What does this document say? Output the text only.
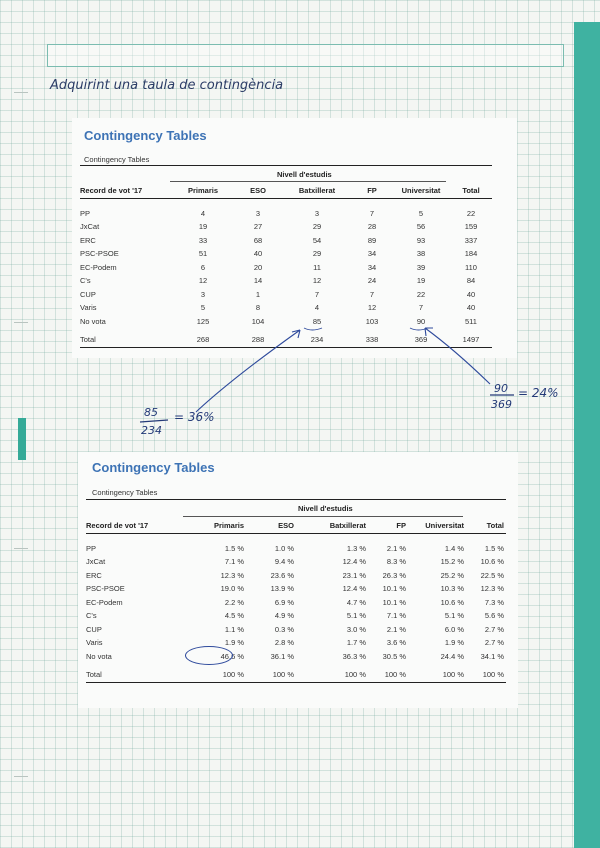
Adquirint una taula de contingència
Contingency Tables
Contingency Tables
Nivell d'estudis
Record de vot '17	Primaris	ESO	Batxillerat	FP	Universitat	Total

PP	4	3	3	7	5	22
JxCat	19	27	29	28	56	159
ERC	33	68	54	89	93	337
PSC-PSOE	51	40	29	34	38	184
EC-Podem	6	20	11	34	39	110
C's	12	14	12	24	19	84
CUP	3	1	7	7	22	40
Varis	5	8	4	12	7	40
No vota	125	104	85	103	90	511
Total	268	288	234	338	369	1497
Contingency Tables
Contingency Tables
Nivell d'estudis
Record de vot '17	Primaris	ESO	Batxillerat	FP	Universitat	Total

PP	1.5 %	1.0 %	1.3 %	2.1 %	1.4 %	1.5 %
JxCat	7.1 %	9.4 %	12.4 %	8.3 %	15.2 %	10.6 %
ERC	12.3 %	23.6 %	23.1 %	26.3 %	25.2 %	22.5 %
PSC-PSOE	19.0 %	13.9 %	12.4 %	10.1 %	10.3 %	12.3 %
EC-Podem	2.2 %	6.9 %	4.7 %	10.1 %	10.6 %	7.3 %
C's	4.5 %	4.9 %	5.1 %	7.1 %	5.1 %	5.6 %
CUP	1.1 %	0.3 %	3.0 %	2.1 %	6.0 %	2.7 %
Varis	1.9 %	2.8 %	1.7 %	3.6 %	1.9 %	2.7 %
No vota	46.6 %	36.1 %	36.3 %	30.5 %	24.4 %	34.1 %
Total	100 %	100 %	100 %	100 %	100 %	100 %
85
234
= 36%
90
369
= 24%
